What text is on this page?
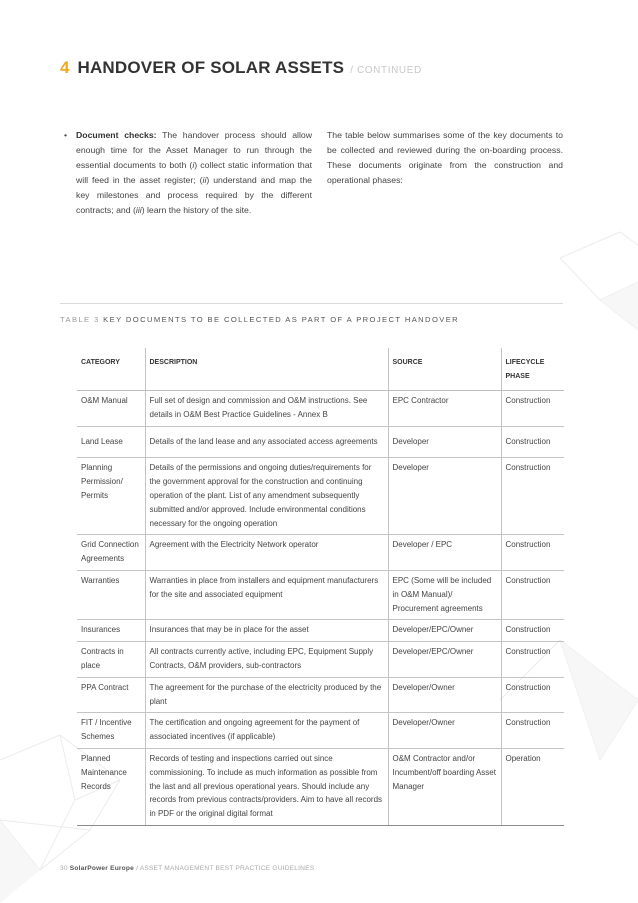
4 HANDOVER OF SOLAR ASSETS / CONTINUED
•	Document checks: The handover process should allow enough time for the Asset Manager to run through the essential documents to both (i) collect static information that will feed in the asset register; (ii) understand and map the key milestones and process required by the different contracts; and (iii) learn the history of the site.
The table below summarises some of the key documents to be collected and reviewed during the on-boarding process. These documents originate from the construction and operational phases:
TABLE 3 KEY DOCUMENTS TO BE COLLECTED AS PART OF A PROJECT HANDOVER
CATEGORY	DESCRIPTION	SOURCE	LIFECYCLE PHASE
O&M Manual	Full set of design and commission and O&M instructions. See details in O&M Best Practice Guidelines - Annex B	EPC Contractor	Construction
Land Lease	Details of the land lease and any associated access agreements	Developer	Construction
Planning Permission/ Permits	Details of the permissions and ongoing duties/requirements for the government approval for the construction and continuing operation of the plant. List of any amendment subsequently submitted and/or approved. Include environmental conditions necessary for the ongoing operation	Developer	Construction
Grid Connection Agreements	Agreement with the Electricity Network operator	Developer / EPC	Construction
Warranties	Warranties in place from installers and equipment manufacturers for the site and associated equipment	EPC (Some will be included in O&M Manual)/ Procurement agreements	Construction
Insurances	Insurances that may be in place for the asset	Developer/EPC/Owner	Construction
Contracts in place	All contracts currently active, including EPC, Equipment Supply Contracts, O&M providers, sub-contractors	Developer/EPC/Owner	Construction
PPA Contract	The agreement for the purchase of the electricity produced by the plant	Developer/Owner	Construction
FIT / Incentive Schemes	The certification and ongoing agreement for the payment of associated incentives (if applicable)	Developer/Owner	Construction
Planned Maintenance Records	Records of testing and inspections carried out since commissioning. To include as much information as possible from the last and all previous operational years. Should include any records from previous contracts/providers. Aim to have all records in PDF or the original digital format	O&M Contractor and/or Incumbent/off boarding Asset Manager	Operation
30 SolarPower Europe / ASSET MANAGEMENT BEST PRACTICE GUIDELINES
